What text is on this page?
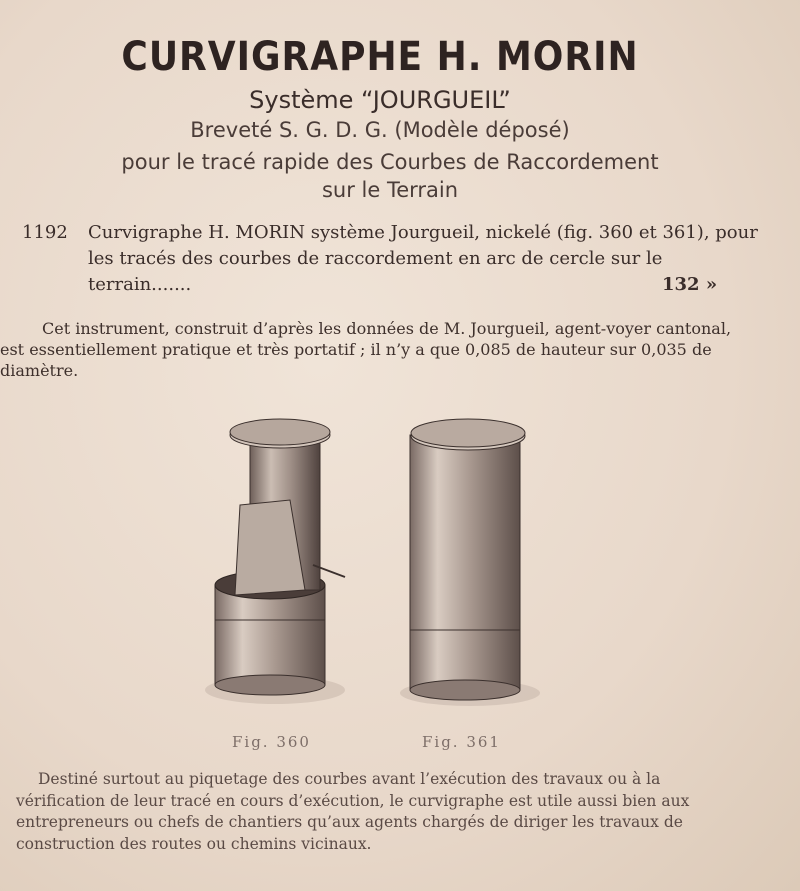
CURVIGRAPHE H. MORIN
Système “JOURGUEIL”
Breveté S. G. D. G. (Modèle déposé)
pour le tracé rapide des Courbes de Raccordement
sur le Terrain
1192 Curvigraphe H. MORIN système Jourgueil, nickelé (fig. 360 et 361), pour les tracés des courbes de raccordement en arc de cercle sur le terrain.......	132 »
Cet instrument, construit d’après les données de M. Jourgueil, agent-voyer cantonal, est essentiellement pratique et très portatif ; il n’y a que 0,085 de hauteur sur 0,035 de diamètre.
Fig. 360	Fig. 361
Destiné surtout au piquetage des courbes avant l’exécution des travaux ou à la vérification de leur tracé en cours d’exécution, le curvigraphe est utile aussi bien aux entrepreneurs ou chefs de chantiers qu’aux agents chargés de diriger les travaux de construction des routes ou chemins vicinaux.
